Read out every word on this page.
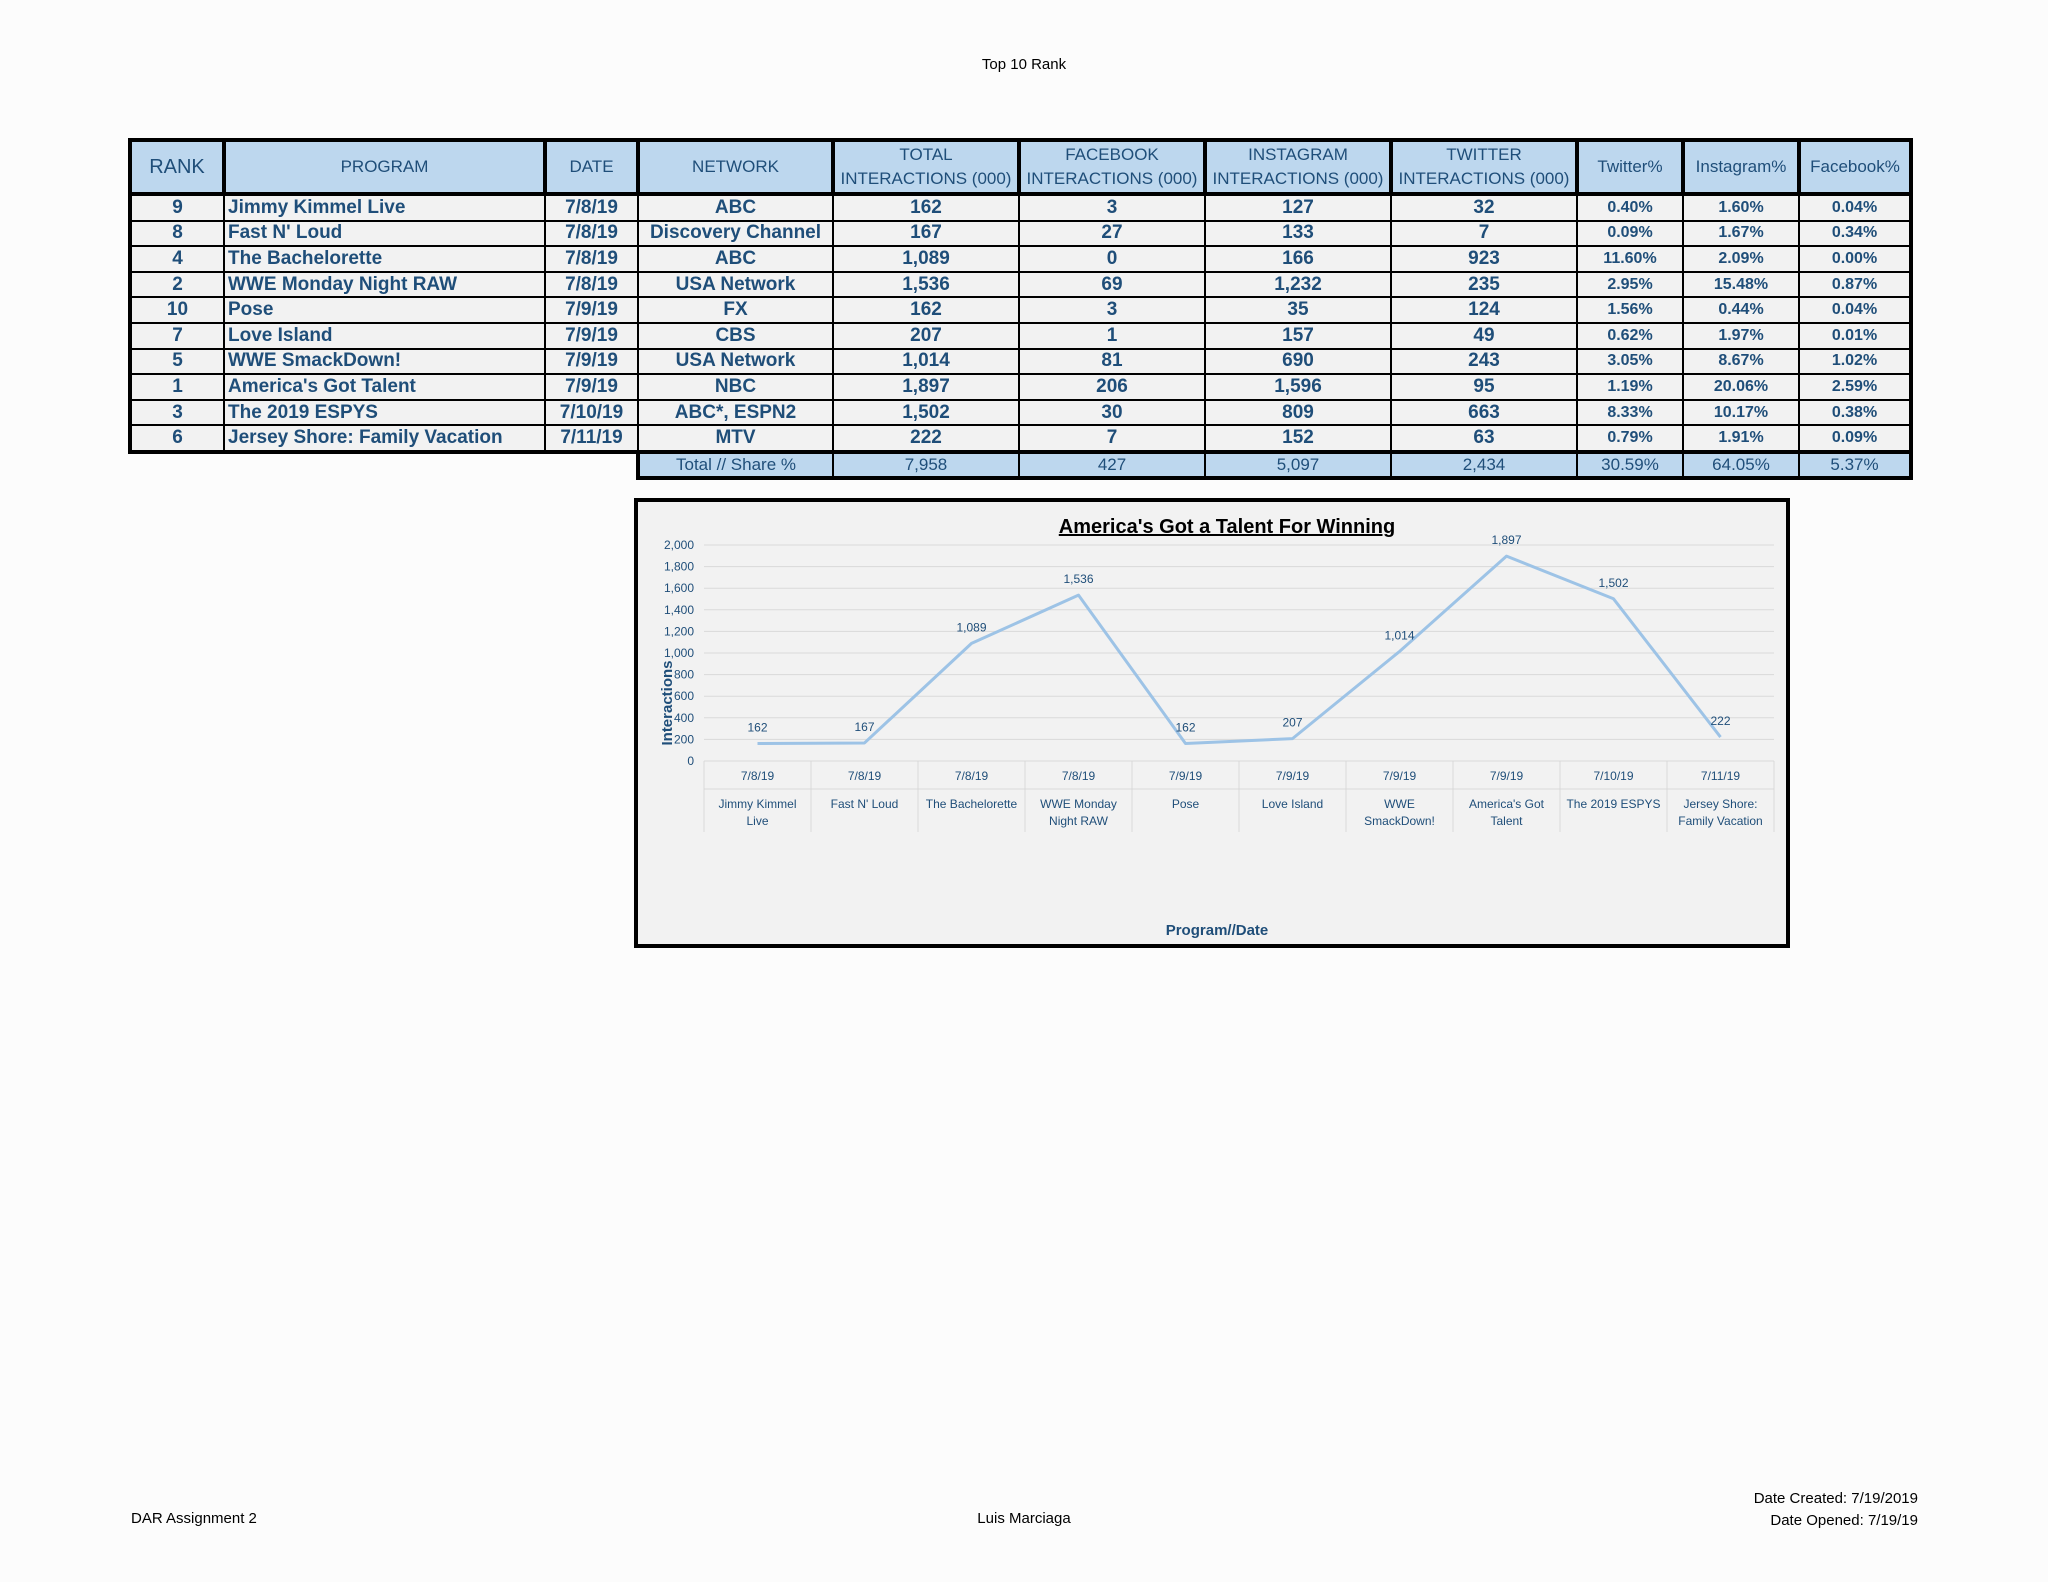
Top 10 Rank
RANK	PROGRAM	DATE	NETWORK	TOTAL INTERACTIONS (000)	FACEBOOK INTERACTIONS (000)	INSTAGRAM INTERACTIONS (000)	TWITTER INTERACTIONS (000)	Twitter%	Instagram%	Facebook%
9	Jimmy Kimmel Live	7/8/19	ABC	162	3	127	32	0.40%	1.60%	0.04%
8	Fast N' Loud	7/8/19	Discovery Channel	167	27	133	7	0.09%	1.67%	0.34%
4	The Bachelorette	7/8/19	ABC	1,089	0	166	923	11.60%	2.09%	0.00%
2	WWE Monday Night RAW	7/8/19	USA Network	1,536	69	1,232	235	2.95%	15.48%	0.87%
10	Pose	7/9/19	FX	162	3	35	124	1.56%	0.44%	0.04%
7	Love Island	7/9/19	CBS	207	1	157	49	0.62%	1.97%	0.01%
5	WWE SmackDown!	7/9/19	USA Network	1,014	81	690	243	3.05%	8.67%	1.02%
1	America's Got Talent	7/9/19	NBC	1,897	206	1,596	95	1.19%	20.06%	2.59%
3	The 2019 ESPYS	7/10/19	ABC*, ESPN2	1,502	30	809	663	8.33%	10.17%	0.38%
6	Jersey Shore: Family Vacation	7/11/19	MTV	222	7	152	63	0.79%	1.91%	0.09%
			Total // Share %	7,958	427	5,097	2,434	30.59%	64.05%	5.37%
America's Got a Talent For Winning
0
200
400
600
800
1,000
1,200
1,400
1,600
1,800
2,000
7/8/19
Jimmy Kimmel
Live
7/8/19
Fast N' Loud
7/8/19
The Bachelorette
7/8/19
WWE Monday
Night RAW
7/9/19
Pose
7/9/19
Love Island
7/9/19
WWE
SmackDown!
7/9/19
America's Got
Talent
7/10/19
The 2019 ESPYS
7/11/19
Jersey Shore:
Family Vacation
162	167
1,089
1,536
162	207
1,014
1,897
1,502
222
Program//Date
Interactions
DAR Assignment 2	Luis Marciaga
Date Created: 7/19/2019
Date Opened: 7/19/19
